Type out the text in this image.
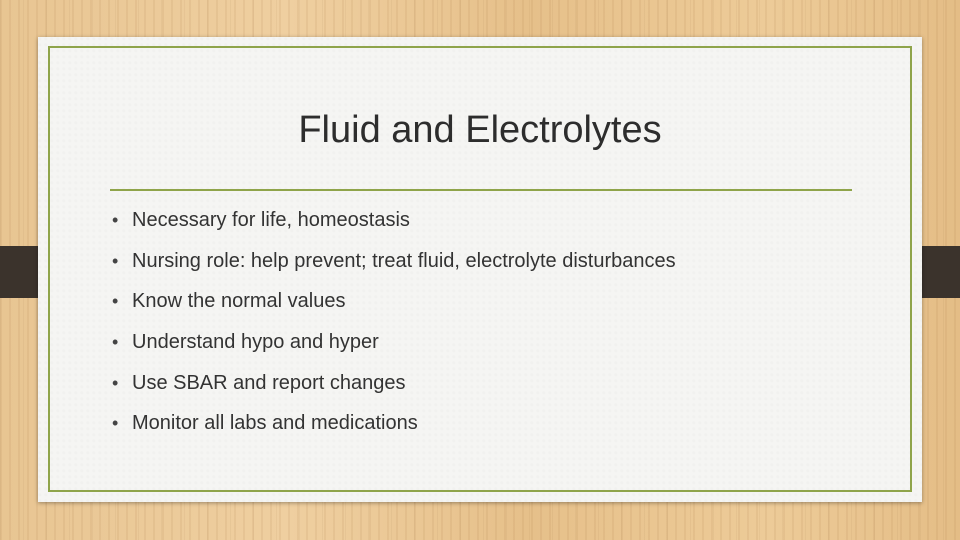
Fluid and Electrolytes
• Necessary for life, homeostasis
• Nursing role: help prevent; treat fluid, electrolyte disturbances
• Know the normal values
• Understand hypo and hyper
• Use SBAR and report changes
• Monitor all labs and medications
